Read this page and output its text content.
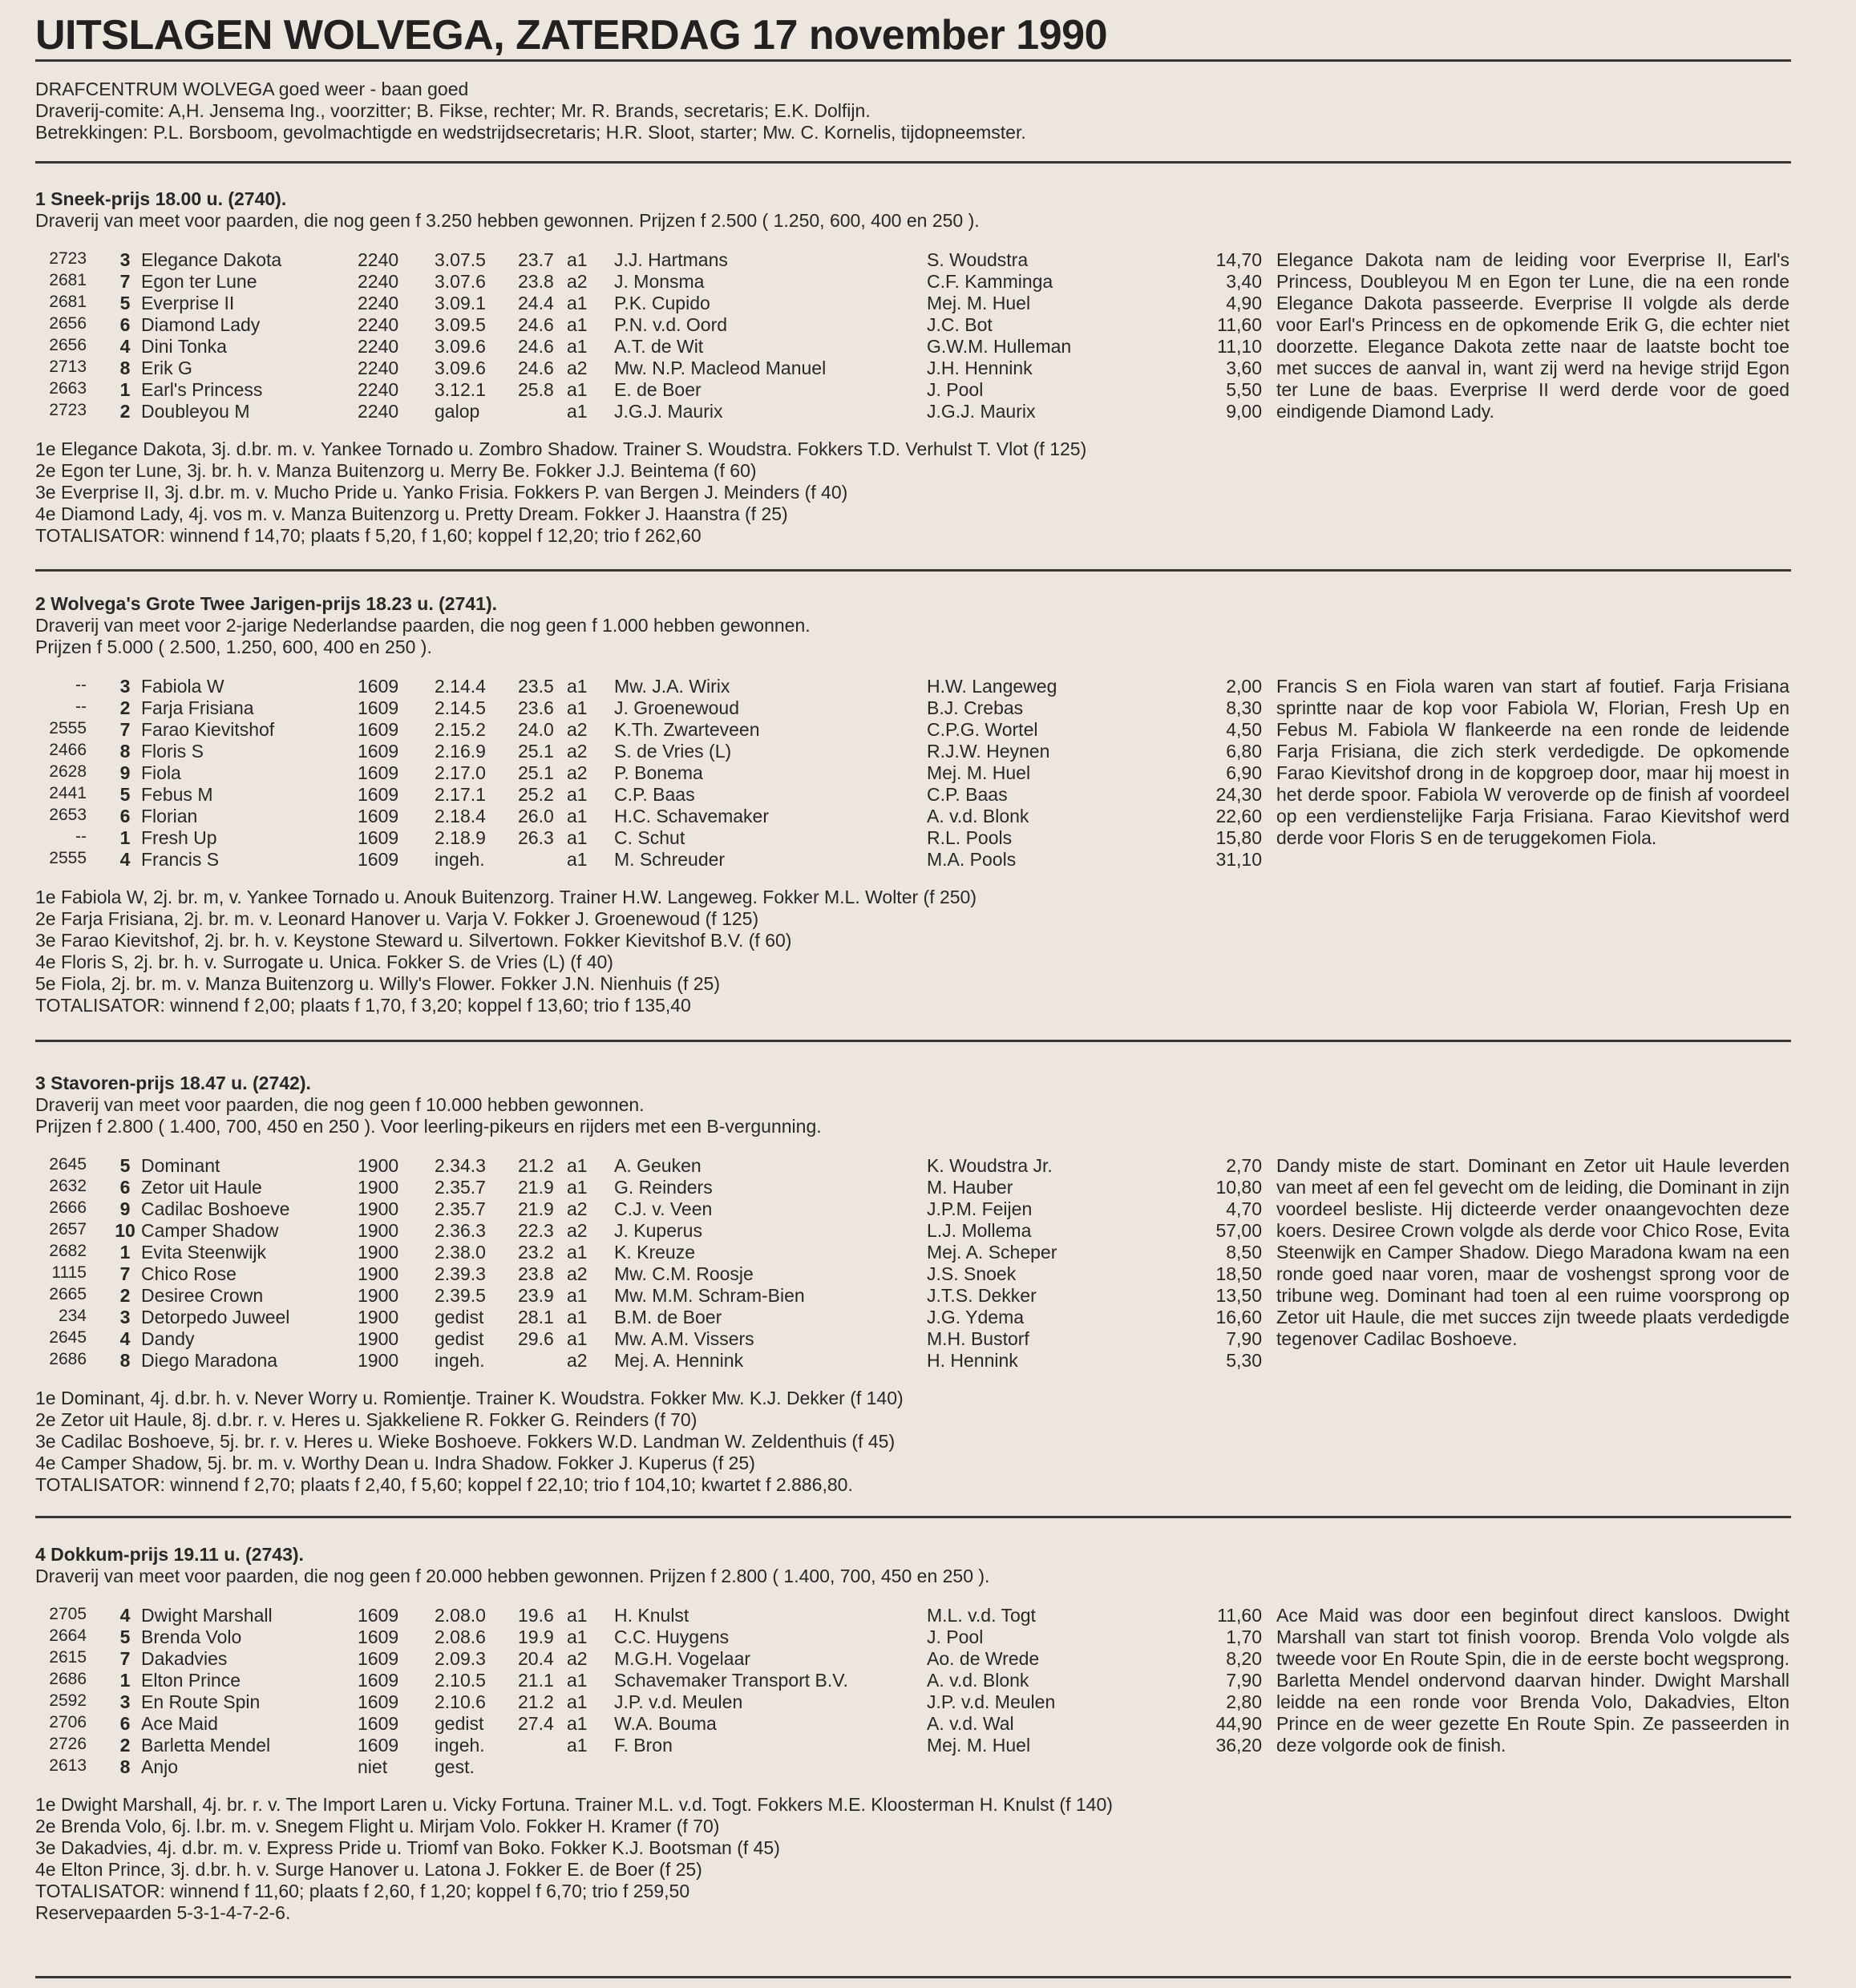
UITSLAGEN WOLVEGA, ZATERDAG 17 november 1990
DRAFCENTRUM WOLVEGA goed weer - baan goed
Draverij-comite: A,H. Jensema Ing., voorzitter; B. Fikse, rechter; Mr. R. Brands, secretaris; E.K. Dolfijn.
Betrekkingen: P.L. Borsboom, gevolmachtigde en wedstrijdsecretaris; H.R. Sloot, starter; Mw. C. Kornelis, tijdopneemster.
1 Sneek-prijs 18.00 u. (2740).
Draverij van meet voor paarden, die nog geen f 3.250 hebben gewonnen. Prijzen f 2.500 ( 1.250, 600, 400 en 250 ).
2723	3 Elegance Dakota	2240 3.07.5 23.7 a1 J.J. Hartmans	S. Woudstra	14,70
2681	7 Egon ter Lune	2240 3.07.6 23.8 a2 J. Monsma	C.F. Kamminga	3,40
2681	5 Everprise II	2240 3.09.1 24.4 a1 P.K. Cupido	Mej. M. Huel	4,90
2656	6 Diamond Lady	2240 3.09.5 24.6 a1 P.N. v.d. Oord	J.C. Bot	11,60
2656	4 Dini Tonka	2240 3.09.6 24.6 a1 A.T. de Wit	G.W.M. Hulleman	11,10
2713	8 Erik G	2240 3.09.6 24.6 a2 Mw. N.P. Macleod Manuel	J.H. Hennink	3,60
2663	1 Earl's Princess	2240 3.12.1 25.8 a1 E. de Boer	J. Pool	5,50
2723	2 Doubleyou M	2240 galop	a1 J.G.J. Maurix	J.G.J. Maurix	9,00
Elegance Dakota nam de leiding voor Everprise II, Earl's Princess, Doubleyou M en Egon ter Lune, die na een ronde Elegance Dakota passeerde. Everprise II volgde als derde voor Earl's Princess en de opkomende Erik G, die echter niet doorzette. Elegance Dakota zette naar de laatste bocht toe met succes de aanval in, want zij werd na hevige strijd Egon ter Lune de baas. Everprise II werd derde voor de goed eindigende Diamond Lady.
1e Elegance Dakota, 3j. d.br. m. v. Yankee Tornado u. Zombro Shadow. Trainer S. Woudstra. Fokkers T.D. Verhulst T. Vlot (f 125)
2e Egon ter Lune, 3j. br. h. v. Manza Buitenzorg u. Merry Be. Fokker J.J. Beintema (f 60)
3e Everprise II, 3j. d.br. m. v. Mucho Pride u. Yanko Frisia. Fokkers P. van Bergen J. Meinders (f 40)
4e Diamond Lady, 4j. vos m. v. Manza Buitenzorg u. Pretty Dream. Fokker J. Haanstra (f 25)
TOTALISATOR: winnend f 14,70; plaats f 5,20, f 1,60; koppel f 12,20; trio f 262,60
2 Wolvega's Grote Twee Jarigen-prijs 18.23 u. (2741).
Draverij van meet voor 2-jarige Nederlandse paarden, die nog geen f 1.000 hebben gewonnen.
Prijzen f 5.000 ( 2.500, 1.250, 600, 400 en 250 ).
--	3 Fabiola W	1609 2.14.4 23.5 a1 Mw. J.A. Wirix	H.W. Langeweg	2,00
--	2 Farja Frisiana	1609 2.14.5 23.6 a1 J. Groenewoud	B.J. Crebas	8,30
2555	7 Farao Kievitshof	1609 2.15.2 24.0 a2 K.Th. Zwarteveen	C.P.G. Wortel	4,50
2466	8 Floris S	1609 2.16.9 25.1 a2 S. de Vries (L)	R.J.W. Heynen	6,80
2628	9 Fiola	1609 2.17.0 25.1 a2 P. Bonema	Mej. M. Huel	6,90
2441	5 Febus M	1609 2.17.1 25.2 a1 C.P. Baas	C.P. Baas	24,30
2653	6 Florian	1609 2.18.4 26.0 a1 H.C. Schavemaker	A. v.d. Blonk	22,60
--	1 Fresh Up	1609 2.18.9 26.3 a1 C. Schut	R.L. Pools	15,80
2555	4 Francis S	1609 ingeh.	a1 M. Schreuder	M.A. Pools	31,10
Francis S en Fiola waren van start af foutief. Farja Frisiana sprintte naar de kop voor Fabiola W, Florian, Fresh Up en Febus M. Fabiola W flankeerde na een ronde de leidende Farja Frisiana, die zich sterk verdedigde. De opkomende Farao Kievitshof drong in de kopgroep door, maar hij moest in het derde spoor. Fabiola W veroverde op de finish af voordeel op een verdienstelijke Farja Frisiana. Farao Kievitshof werd derde voor Floris S en de teruggekomen Fiola.
1e Fabiola W, 2j. br. m, v. Yankee Tornado u. Anouk Buitenzorg. Trainer H.W. Langeweg. Fokker M.L. Wolter (f 250)
2e Farja Frisiana, 2j. br. m. v. Leonard Hanover u. Varja V. Fokker J. Groenewoud (f 125)
3e Farao Kievitshof, 2j. br. h. v. Keystone Steward u. Silvertown. Fokker Kievitshof B.V. (f 60)
4e Floris S, 2j. br. h. v. Surrogate u. Unica. Fokker S. de Vries (L) (f 40)
5e Fiola, 2j. br. m. v. Manza Buitenzorg u. Willy's Flower. Fokker J.N. Nienhuis (f 25)
TOTALISATOR: winnend f 2,00; plaats f 1,70, f 3,20; koppel f 13,60; trio f 135,40
3 Stavoren-prijs 18.47 u. (2742).
Draverij van meet voor paarden, die nog geen f 10.000 hebben gewonnen.
Prijzen f 2.800 ( 1.400, 700, 450 en 250 ). Voor leerling-pikeurs en rijders met een B-vergunning.
2645	5 Dominant	1900 2.34.3 21.2 a1 A. Geuken	K. Woudstra Jr.	2,70
2632	6 Zetor uit Haule	1900 2.35.7 21.9 a1 G. Reinders	M. Hauber	10,80
2666	9 Cadilac Boshoeve	1900 2.35.7 21.9 a2 C.J. v. Veen	J.P.M. Feijen	4,70
2657	10 Camper Shadow	1900 2.36.3 22.3 a2 J. Kuperus	L.J. Mollema	57,00
2682	1 Evita Steenwijk	1900 2.38.0 23.2 a1 K. Kreuze	Mej. A. Scheper	8,50
1115	7 Chico Rose	1900 2.39.3 23.8 a2 Mw. C.M. Roosje	J.S. Snoek	18,50
2665	2 Desiree Crown	1900 2.39.5 23.9 a1 Mw. M.M. Schram-Bien	J.T.S. Dekker	13,50
234	3 Detorpedo Juweel	1900 gedist 28.1 a1 B.M. de Boer	J.G. Ydema	16,60
2645	4 Dandy	1900 gedist 29.6 a1 Mw. A.M. Vissers	M.H. Bustorf	7,90
2686	8 Diego Maradona	1900 ingeh.	a2 Mej. A. Hennink	H. Hennink	5,30
Dandy miste de start. Dominant en Zetor uit Haule leverden van meet af een fel gevecht om de leiding, die Dominant in zijn voordeel besliste. Hij dicteerde verder onaangevochten deze koers. Desiree Crown volgde als derde voor Chico Rose, Evita Steenwijk en Camper Shadow. Diego Maradona kwam na een ronde goed naar voren, maar de voshengst sprong voor de tribune weg. Dominant had toen al een ruime voorsprong op Zetor uit Haule, die met succes zijn tweede plaats verdedigde tegenover Cadilac Boshoeve.
1e Dominant, 4j. d.br. h. v. Never Worry u. Romientje. Trainer K. Woudstra. Fokker Mw. K.J. Dekker (f 140)
2e Zetor uit Haule, 8j. d.br. r. v. Heres u. Sjakkeliene R. Fokker G. Reinders (f 70)
3e Cadilac Boshoeve, 5j. br. r. v. Heres u. Wieke Boshoeve. Fokkers W.D. Landman W. Zeldenthuis (f 45)
4e Camper Shadow, 5j. br. m. v. Worthy Dean u. Indra Shadow. Fokker J. Kuperus (f 25)
TOTALISATOR: winnend f 2,70; plaats f 2,40, f 5,60; koppel f 22,10; trio f 104,10; kwartet f 2.886,80.
4 Dokkum-prijs 19.11 u. (2743).
Draverij van meet voor paarden, die nog geen f 20.000 hebben gewonnen. Prijzen f 2.800 ( 1.400, 700, 450 en 250 ).
2705	4 Dwight Marshall	1609 2.08.0 19.6 a1 H. Knulst	M.L. v.d. Togt	11,60
2664	5 Brenda Volo	1609 2.08.6 19.9 a1 C.C. Huygens	J. Pool	1,70
2615	7 Dakadvies	1609 2.09.3 20.4 a2 M.G.H. Vogelaar	Ao. de Wrede	8,20
2686	1 Elton Prince	1609 2.10.5 21.1 a1 Schavemaker Transport B.V.	A. v.d. Blonk	7,90
2592	3 En Route Spin	1609 2.10.6 21.2 a1 J.P. v.d. Meulen	J.P. v.d. Meulen	2,80
2706	6 Ace Maid	1609 gedist 27.4 a1 W.A. Bouma	A. v.d. Wal	44,90
2726	2 Barletta Mendel	1609 ingeh.	a1 F. Bron	Mej. M. Huel	36,20
2613	8 Anjo	niet	gest.
Ace Maid was door een beginfout direct kansloos. Dwight Marshall van start tot finish voorop. Brenda Volo volgde als tweede voor En Route Spin, die in de eerste bocht wegsprong. Barletta Mendel ondervond daarvan hinder. Dwight Marshall leidde na een ronde voor Brenda Volo, Dakadvies, Elton Prince en de weer gezette En Route Spin. Ze passeerden in deze volgorde ook de finish.
1e Dwight Marshall, 4j. br. r. v. The Import Laren u. Vicky Fortuna. Trainer M.L. v.d. Togt. Fokkers M.E. Kloosterman H. Knulst (f 140)
2e Brenda Volo, 6j. l.br. m. v. Snegem Flight u. Mirjam Volo. Fokker H. Kramer (f 70)
3e Dakadvies, 4j. d.br. m. v. Express Pride u. Triomf van Boko. Fokker K.J. Bootsman (f 45)
4e Elton Prince, 3j. d.br. h. v. Surge Hanover u. Latona J. Fokker E. de Boer (f 25)
TOTALISATOR: winnend f 11,60; plaats f 2,60, f 1,20; koppel f 6,70; trio f 259,50
Reservepaarden 5-3-1-4-7-2-6.
